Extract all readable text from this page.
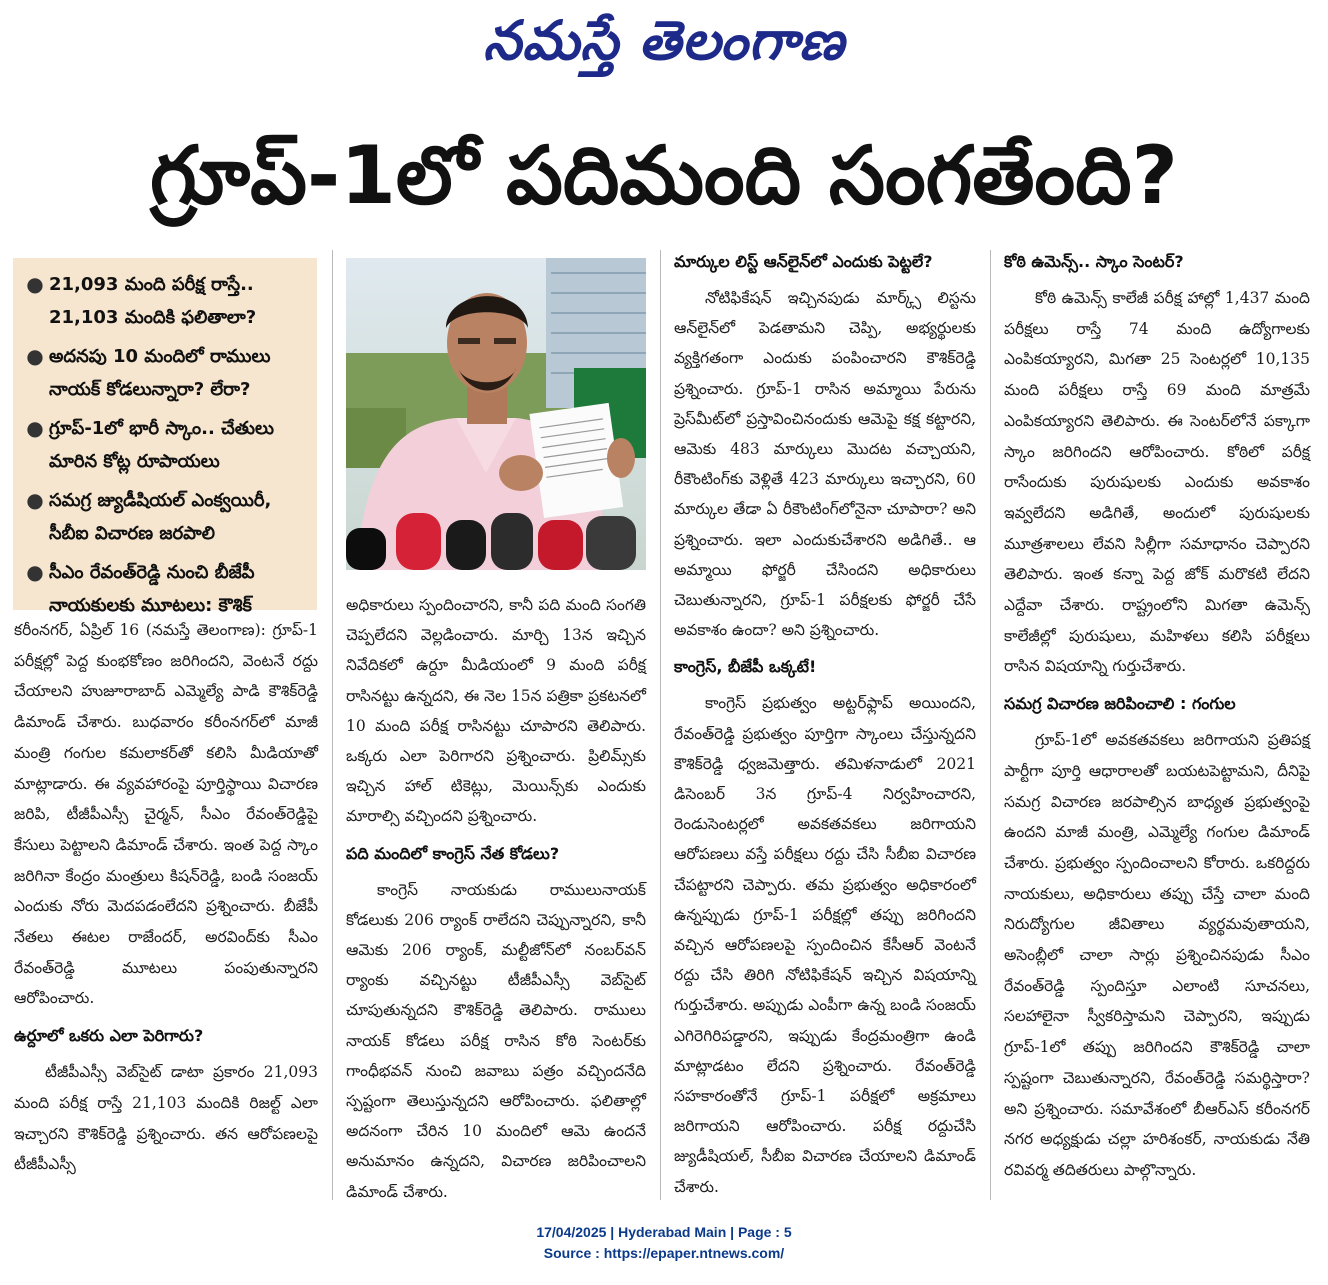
నమస్తే తెలంగాణ
గ్రూప్-1లో పదిమంది సంగతేంది?
● 21,093 మంది పరీక్ష రాస్తే.. 21,103 మందికి ఫలితాలా?
● అదనపు 10 మందిలో రాములు నాయక్ కోడలున్నారా? లేరా?
● గ్రూప్-1లో భారీ స్కాం.. చేతులు మారిన కోట్ల రూపాయలు
● సమగ్ర జ్యుడీషియల్ ఎంక్వయిరీ, సీబీఐ విచారణ జరపాలి
● సీఎం రేవంత్‌రెడ్డి నుంచి బీజేపీ నాయకులకు మూటలు: కౌశిక్

కరీంనగర్, ఏప్రిల్ 16 (నమస్తే తెలంగాణ): గ్రూప్-1 పరీక్షల్లో పెద్ద కుంభకోణం జరిగిందని, వెంటనే రద్దు చేయాలని హుజూరాబాద్ ఎమ్మెల్యే పాడి కౌశిక్‌రెడ్డి డిమాండ్ చేశారు. బుధవారం కరీంనగర్‌లో మాజీ మంత్రి గంగుల కమలాకర్‌తో కలిసి మీడియాతో మాట్లాడారు. ఈ వ్యవహారంపై పూర్తిస్థాయి విచారణ జరిపి, టీజీపీఎస్సీ చైర్మన్, సీఎం రేవంత్‌రెడ్డిపై కేసులు పెట్టాలని డిమాండ్ చేశారు. ఇంత పెద్ద స్కాం జరిగినా కేంద్రం మంత్రులు కిషన్‌రెడ్డి, బండి సంజయ్ ఎందుకు నోరు మెదపడంలేదని ప్రశ్నించారు. బీజేపీ నేతలు ఈటల రాజేందర్, అరవింద్‌కు సీఎం రేవంత్‌రెడ్డి మూటలు పంపుతున్నారని ఆరోపించారు.

ఉర్దూలో ఒకరు ఎలా పెరిగారు?

టీజీపీఎస్సీ వెబ్‌సైట్ డాటా ప్రకారం 21,093 మంది పరీక్ష రాస్తే 21,103 మందికి రిజల్ట్ ఎలా ఇచ్చారని కౌశిక్‌రెడ్డి ప్రశ్నించారు. తన ఆరోపణలపై టీజీపీఎస్సీ

అధికారులు స్పందించారని, కానీ పది మంది సంగతి చెప్పలేదని వెల్లడించారు. మార్చి 13న ఇచ్చిన నివేదికలో ఉర్దూ మీడియంలో 9 మంది పరీక్ష రాసినట్టు ఉన్నదని, ఈ నెల 15న పత్రికా ప్రకటనలో 10 మంది పరీక్ష రాసినట్టు చూపారని తెలిపారు. ఒక్కరు ఎలా పెరిగారని ప్రశ్నించారు. ప్రిలిమ్స్‌కు ఇచ్చిన హాల్ టికెట్లు, మెయిన్స్‌కు ఎందుకు మారాల్సి వచ్చిందని ప్రశ్నించారు.

పది మందిలో కాంగ్రెస్ నేత కోడలు?

కాంగ్రెస్ నాయకుడు రాములునాయక్ కోడలుకు 206 ర్యాంక్ రాలేదని చెప్పున్నారని, కానీ ఆమెకు 206 ర్యాంక్, మల్టీజోన్‌లో నంబర్‌వన్ ర్యాంకు వచ్చినట్టు టీజీపీఎస్సీ వెబ్‌సైట్ చూపుతున్నదని కౌశిక్‌రెడ్డి తెలిపారు. రాములు నాయక్ కోడలు పరీక్ష రాసిన కోఠి సెంటర్‌కు గాంధీభవన్ నుంచి జవాబు పత్రం వచ్చిందనేది స్పష్టంగా తెలుస్తున్నదని ఆరోపించారు. ఫలితాల్లో అదనంగా చేరిన 10 మందిలో ఆమె ఉందనే అనుమానం ఉన్నదని, విచారణ జరిపించాలని డిమాండ్ చేశారు.

మార్కుల లిస్ట్ ఆన్‌లైన్‌లో ఎందుకు పెట్టలే?

నోటిఫికేషన్ ఇచ్చినపుడు మార్క్స్ లిస్టను ఆన్‌లైన్‌లో పెడతామని చెప్పి, అభ్యర్థులకు వ్యక్తిగతంగా ఎందుకు పంపించారని కౌశిక్‌రెడ్డి ప్రశ్నించారు. గ్రూప్-1 రాసిన అమ్మాయి పేరును ప్రెస్‌మీట్‌లో ప్రస్తావించినందుకు ఆమెపై కక్ష కట్టారని, ఆమెకు 483 మార్కులు మొదట వచ్చాయని, రీకౌంటింగ్‌కు వెళ్లితే 423 మార్కులు ఇచ్చారని, 60 మార్కుల తేడా ఏ రీకౌంటింగ్‌లోనైనా చూపారా? అని ప్రశ్నించారు. ఇలా ఎందుకుచేశారని అడిగితే.. ఆ అమ్మాయి ఫోర్జరీ చేసిందని అధికారులు చెబుతున్నారని, గ్రూప్-1 పరీక్షలకు ఫోర్జరీ చేసే అవకాశం ఉందా? అని ప్రశ్నించారు.

కాంగ్రెస్, బీజేపీ ఒక్కటే!

కాంగ్రెస్ ప్రభుత్వం అట్టర్‌ఫ్లాప్ అయిందని, రేవంత్‌రెడ్డి ప్రభుత్వం పూర్తిగా స్కాంలు చేస్తున్నదని కౌశిక్‌రెడ్డి ధ్వజమెత్తారు. తమిళనాడులో 2021 డిసెంబర్ 3న గ్రూప్-4 నిర్వహించారని, రెండుసెంటర్లలో అవకతవకలు జరిగాయని ఆరోపణలు వస్తే పరీక్షలు రద్దు చేసి సీబీఐ విచారణ చేపట్టారని చెప్పారు. తమ ప్రభుత్వం అధికారంలో ఉన్నప్పుడు గ్రూప్-1 పరీక్షల్లో తప్పు జరిగిందని వచ్చిన ఆరోపణలపై స్పందించిన కేసీఆర్ వెంటనే రద్దు చేసి తిరిగి నోటిఫికేషన్ ఇచ్చిన విషయాన్ని గుర్తుచేశారు. అప్పుడు ఎంపీగా ఉన్న బండి సంజయ్ ఎగిరెగిరిపడ్డారని, ఇప్పుడు కేంద్రమంత్రిగా ఉండి మాట్లాడటం లేదని ప్రశ్నించారు. రేవంత్‌రెడ్డి సహకారంతోనే గ్రూప్-1 పరీక్షలో అక్రమాలు జరిగాయని ఆరోపించారు. పరీక్ష రద్దుచేసి జ్యుడీషియల్, సీబీఐ విచారణ చేయాలని డిమాండ్ చేశారు.

కోఠి ఉమెన్స్.. స్కాం సెంటర్?

కోఠి ఉమెన్స్ కాలేజీ పరీక్ష హాల్లో 1,437 మంది పరీక్షలు రాస్తే 74 మంది ఉద్యోగాలకు ఎంపికయ్యారని, మిగతా 25 సెంటర్లలో 10,135 మంది పరీక్షలు రాస్తే 69 మంది మాత్రమే ఎంపికయ్యారని తెలిపారు. ఈ సెంటర్‌లోనే పక్కాగా స్కాం జరిగిందని ఆరోపించారు. కోఠిలో పరీక్ష రాసేందుకు పురుషులకు ఎందుకు అవకాశం ఇవ్వలేదని అడిగితే, అందులో పురుషులకు మూత్రశాలలు లేవని సిల్లీగా సమాధానం చెప్పారని తెలిపారు. ఇంత కన్నా పెద్ద జోక్ మరొకటి లేదని ఎద్దేవా చేశారు. రాష్ట్రంలోని మిగతా ఉమెన్స్ కాలేజీల్లో పురుషులు, మహిళలు కలిసి పరీక్షలు రాసిన విషయాన్ని గుర్తుచేశారు.

సమగ్ర విచారణ జరిపించాలి : గంగుల

గ్రూప్-1లో అవకతవకలు జరిగాయని ప్రతిపక్ష పార్టీగా పూర్తి ఆధారాలతో బయటపెట్టామని, దీనిపై సమగ్ర విచారణ జరపాల్సిన బాధ్యత ప్రభుత్వంపై ఉందని మాజీ మంత్రి, ఎమ్మెల్యే గంగుల డిమాండ్ చేశారు. ప్రభుత్వం స్పందించాలని కోరారు. ఒకరిద్దరు నాయకులు, అధికారులు తప్పు చేస్తే చాలా మంది నిరుద్యోగుల జీవితాలు వ్యర్థమవుతాయని, అసెంబ్లీలో చాలా సార్లు ప్రశ్నించినపుడు సీఎం రేవంత్‌రెడ్డి స్పందిస్తూ ఎలాంటి సూచనలు, సలహాలైనా స్వీకరిస్తామని చెప్పారని, ఇప్పుడు గ్రూప్-1లో తప్పు జరిగిందని కౌశిక్‌రెడ్డి చాలా స్పష్టంగా చెబుతున్నారని, రేవంత్‌రెడ్డి సమర్థిస్తారా? అని ప్రశ్నించారు. సమావేశంలో బీఆర్ఎస్ కరీంనగర్ నగర అధ్యక్షుడు చల్లా హరిశంకర్, నాయకుడు నేతి రవివర్మ తదితరులు పాల్గొన్నారు.

17/04/2025 | Hyderabad Main | Page : 5
Source : https://epaper.ntnews.com/
